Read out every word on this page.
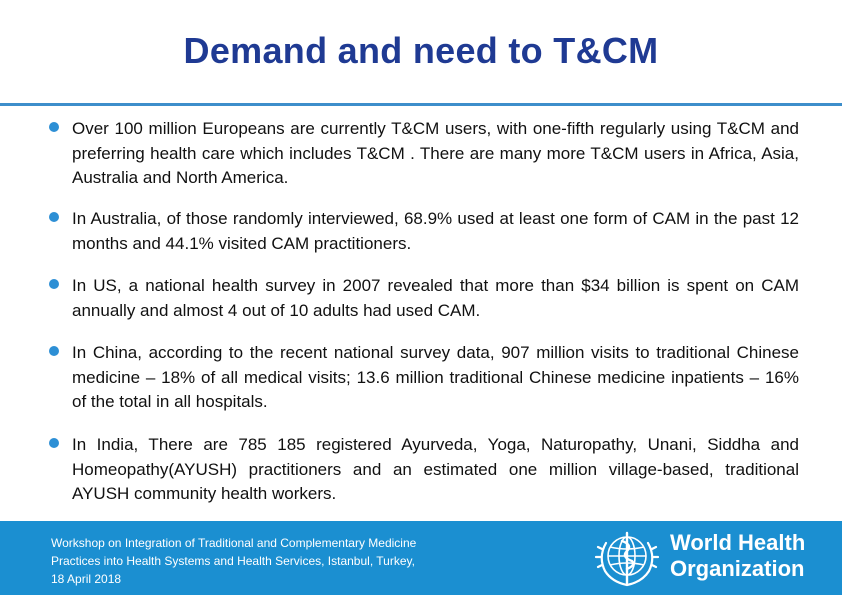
Demand and need to T&CM
Over 100 million Europeans are currently T&CM users, with one-fifth regularly using T&CM and preferring health care which includes T&CM . There are many more T&CM users in Africa, Asia, Australia and North America.
In Australia, of those randomly interviewed, 68.9% used at least one form of CAM in the past 12 months and 44.1% visited CAM practitioners.
In US, a national health survey in 2007 revealed that more than $34 billion is spent on CAM annually and almost 4 out of 10 adults had used CAM.
In China, according to the recent national survey data, 907 million visits to traditional Chinese medicine – 18% of all medical visits; 13.6 million traditional Chinese medicine inpatients – 16% of the total in all hospitals.
In India, There are 785 185 registered Ayurveda, Yoga, Naturopathy, Unani, Siddha and Homeopathy(AYUSH) practitioners and an estimated one million village-based, traditional AYUSH community health workers.
Workshop on Integration of Traditional and Complementary Medicine
Practices into Health Systems and Health Services, Istanbul, Turkey,
18 April 2018
World Health
Organization
